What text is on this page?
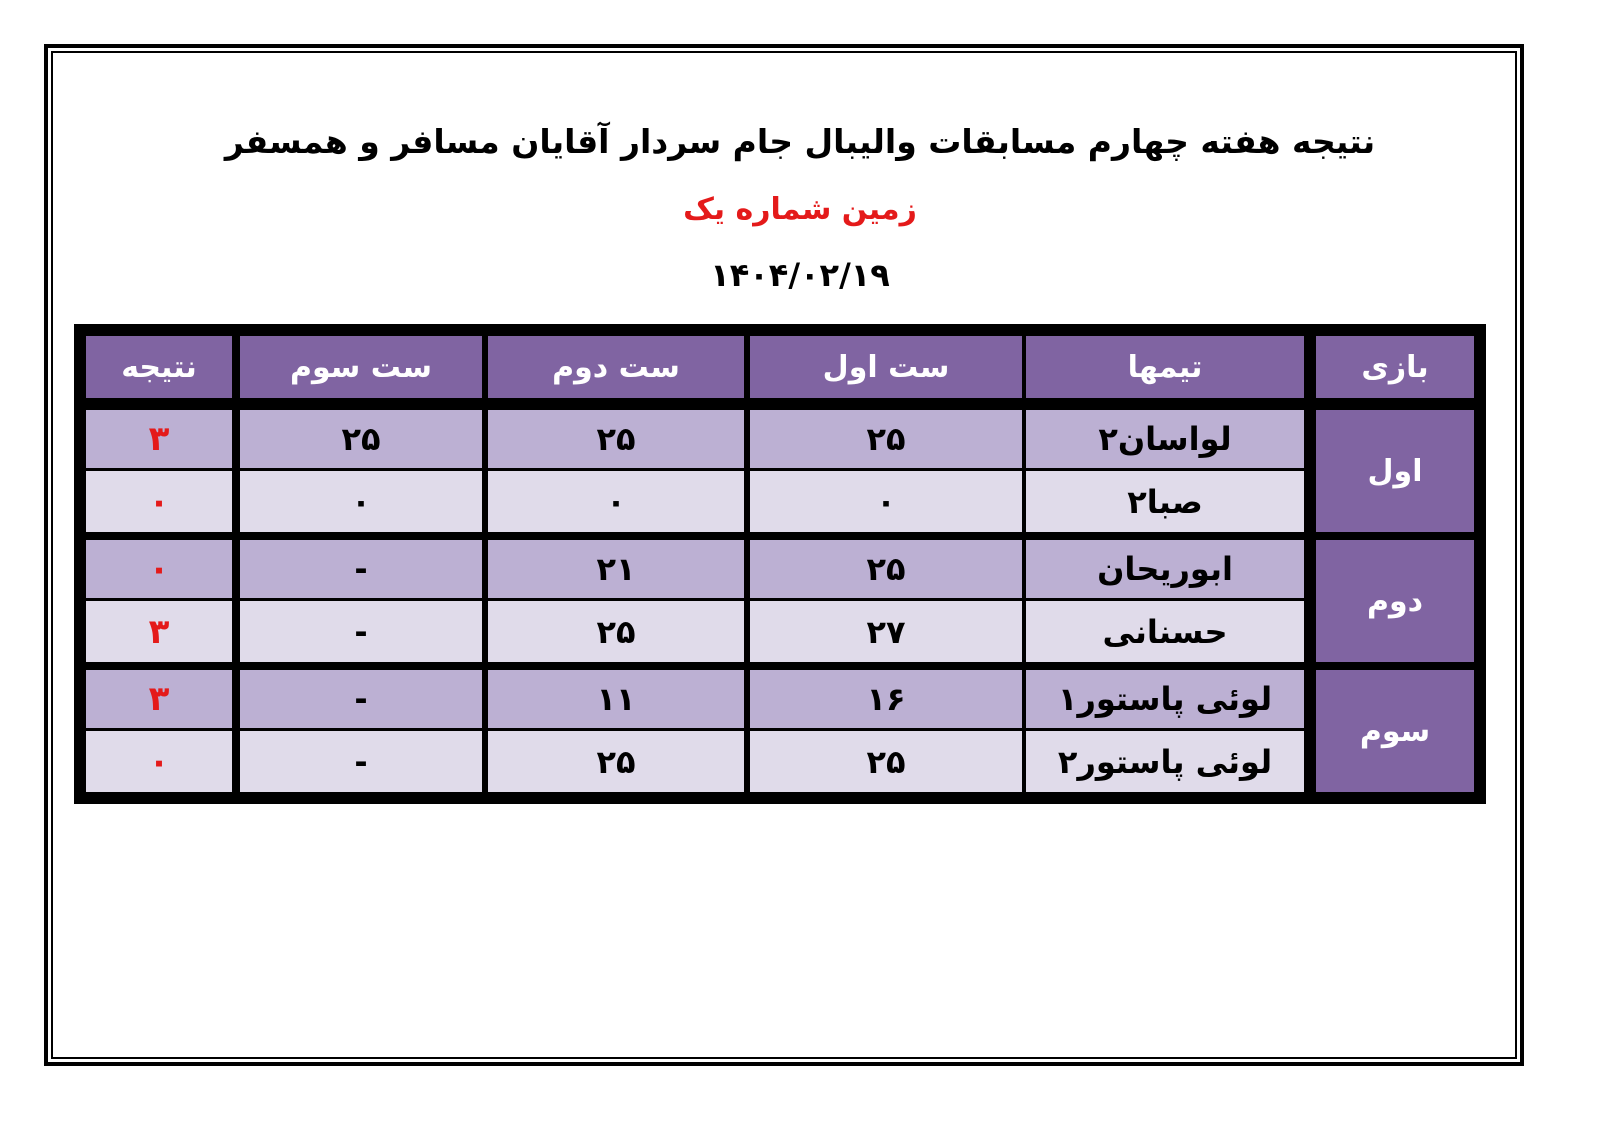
نتیجه هفته چهارم مسابقات والیبال جام سردار آقایان مسافر و همسفر
زمین شماره یک
۱۴۰۴/۰۲/۱۹
بازی
تیمها
ست اول
ست دوم
ست سوم
نتیجه
اول
لواسان۲
۲۵
۲۵
۲۵
۳
صبا۲
۰
۰
۰
۰
دوم
ابوریحان
۲۵
۲۱
-
۰
حسنانی
۲۷
۲۵
-
۳
سوم
لوئی پاستور۱
۱۶
۱۱
-
۳
لوئی پاستور۲
۲۵
۲۵
-
۰
